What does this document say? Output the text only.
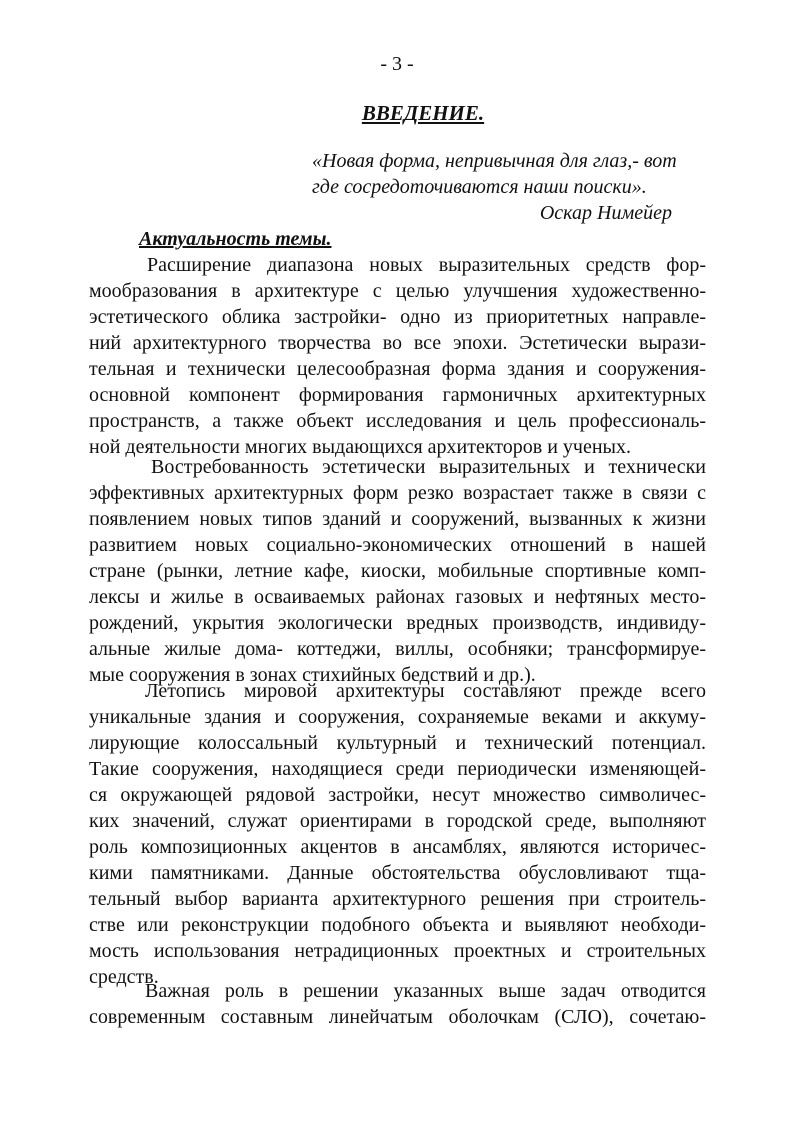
- 3 -
ВВЕДЕНИЕ.
«Новая форма, непривычная для глаз,- вот
где сосредоточиваются наши поиски».
Оскар Нимейер
Актуальность темы.
Расширение диапазона новых выразительных средств фор-
мообразования в архитектуре с целью улучшения художественно-
эстетического облика застройки- одно из приоритетных направле-
ний архитектурного творчества во все эпохи. Эстетически вырази-
тельная и технически целесообразная форма здания и сооружения-
основной компонент формирования гармоничных архитектурных
пространств, а также объект исследования и цель профессиональ-
ной деятельности многих выдающихся архитекторов и ученых.
Востребованность эстетически выразительных и технически
эффективных архитектурных форм резко возрастает также в связи с
появлением новых типов зданий и сооружений, вызванных к жизни
развитием новых социально-экономических отношений в нашей
стране (рынки, летние кафе, киоски, мобильные спортивные комп-
лексы и жилье в осваиваемых районах газовых и нефтяных место-
рождений, укрытия экологически вредных производств, индивиду-
альные жилые дома- коттеджи, виллы, особняки; трансформируе-
мые сооружения в зонах стихийных бедствий и др.).
Летопись мировой архитектуры составляют прежде всего
уникальные здания и сооружения, сохраняемые веками и аккуму-
лирующие колоссальный культурный и технический потенциал.
Такие сооружения, находящиеся среди периодически изменяющей-
ся окружающей рядовой застройки, несут множество символичес-
ких значений, служат ориентирами в городской среде, выполняют
роль композиционных акцентов в ансамблях, являются историчес-
кими памятниками. Данные обстоятельства обусловливают тща-
тельный выбор варианта архитектурного решения при строитель-
стве или реконструкции подобного объекта и выявляют необходи-
мость использования нетрадиционных проектных и строительных
средств.
Важная роль в решении указанных выше задач отводится
современным составным линейчатым оболочкам (СЛО), сочетаю-
